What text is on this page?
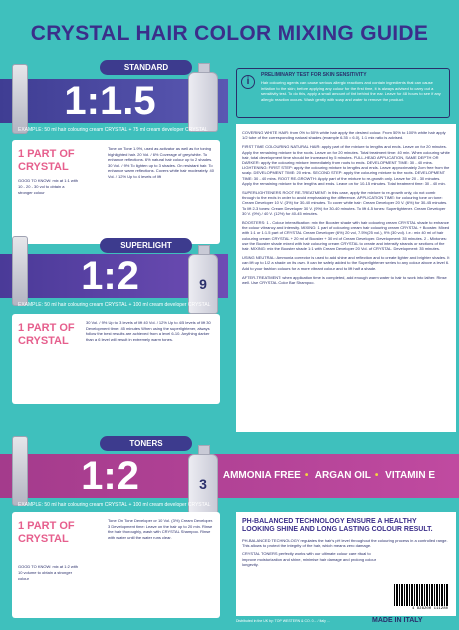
CRYSTAL HAIR COLOR MIXING GUIDE
STANDARD
1:1.5
EXAMPLE: 50 ml hair colouring cream CRYSTAL + 75 ml cream developer CRYSTAL
1 PART OF CRYSTAL
GOOD TO KNOW: mix at 1:1 with 10 - 20 - 30 vol to obtain a stronger colour
Tone on Tone 1.9%, used as activator as well as for toning highlighted hair. 20 Vol. / 6% Coverage of grey/white. To enhance reflections. 6% natural hair colour up to 2 shades. 30 Vol. / 9% To lighten up to 3 shades. On resistant hair. To enhance warm reflections. Covers white hair moderately. 40 Vol. / 12% Up to 4 levels of lift
SUPERLIGHT
1:2	9
EXAMPLE: 50 ml hair colouring cream CRYSTAL + 100 ml cream developer CRYSTAL
1 PART OF CRYSTAL
30 Vol. / 9% Up to 3 levels of lift 40 Vol. / 12% Up to 4/5 levels of lift 30 Development time: 45 minutes When using the superlightener, always follow the best results are achieved from a level 6-10. Anything darker than a 6 level will result in extremely warm tones.
TONERS
1:2	AMMONIA FREE • ARGAN OIL • VITAMIN E
3
EXAMPLE: 50 ml hair colouring cream CRYSTAL + 100 ml cream developer CRYSTAL
1 PART OF CRYSTAL
GOOD TO KNOW: mix at 1:2 with 10 volume to obtain a stronger colour
Tone On Tone Developer or 10 Vol. (3%) Cream Developer. 3 Development time: Leave on the hair up to 20 min. Rinse the hair thoroughly, wash with CRYSTAL Shampoo. Rinse with water until the water runs clear.
i
PRELIMINARY TEST FOR SKIN SENSITIVITY
Hair colouring agents can cause serious allergic reactions and contain ingredients that can cause irritation to the skin; before applying any colour for the first time, it is always advised to carry out a sensitivity test. To do this, apply a small amount of tint behind the ear. Leave for 48 hours to see if any allergic reaction occurs. Wash gently with soap and water to remove the product.

COVERING WHITE HAIR: from 0% to 50% white hair apply the desired colour. From 50% to 100% white hair apply 1/2 tube of the corresponding natural shades (example 6.35 = 6.0), 1:1 mix ratio is advised.

FIRST TIME COLOURING NATURAL HAIR: apply part of the mixture to lengths and ends. Leave on for 20 minutes. Apply the remaining mixture to the roots. Leave on for 20 minutes. Total treatment time: 40 min. When colouring white hair, total development time should be increased by 5 minutes. FULL-HEAD APPLICATION, SAME DEPTH OR DARKER: apply the colouring mixture immediately from roots to ends. DEVELOPMENT TIME: 30 - 40 mins. LIGHTENING: FIRST STEP: apply the colouring mixture to lengths and ends. Leave approximately 2cm free from the scalp. DEVELOPMENT TIME: 20 mins. SECOND STEP: apply the colouring mixture to the roots. DEVELOPMENT TIME: 30 - 40 mins. ROOT RE-GROWTH: Apply part of the mixture to re-growth only. Leave for 20 - 30 minutes. Apply the remaining mixture to the lengths and ends. Leave on for 10-15 minutes. Total treatment time: 30 - 40 min.

SUPERLIGHTENERS ROOT RE-TREATMENT: in this case, apply the mixture to re-growth only, do not comb through to the ends in order to avoid emphasizing the difference. APPLICATION TIME: for colouring tone on tone: Cream Developer 10 V. (3%) for 30-40 minutes. To cover white hair: Cream Developer 20 V. (6%) for 30-45 minutes. To lift 2-3 tones: Cream Developer 30 V. (9%) for 30-40 minutes. To lift 4-5 tones: Superlightener. Cream Developer 30 V. (9%) / 40 V. (12%) for 40-45 minutes.

BOOSTERS: 1 - Colour intensification: mix the Booster shade with hair colouring cream CRYSTAL shade to enhance the colour vibrancy and intensity. MIXING: 1 part of colouring cream hair colouring cream CRYSTAL + Booster. Mixed with 1:1 or 1:1.5 part of CRYSTAL Cream Developer (6%) 20 vol, 7.5%(25 vol.), 9% (30 vol). I.e.: mix 40 ml of hair colouring cream CRYSTAL + 20 ml of Booster + 30 ml of Cream Developer. Development: 35 minutes. 2 - Mixtones: use the Booster shade mixed with hair colouring cream CRYSTAL to create and intensify strands or sections of the hair. MIXING: mix the Booster shade 1:1 with Cream Developer 20 Vol. of CRYSTAL. Development: 35 minutes.

USING NEUTRAL: Ammonia corrector is used to add shine and reflection and to create lighter and brighter shades. It can lift up to 1/2 a shade on its own. It can be safely added to the Superlightener series to any colour above a level 6. Add to your fashion colours for a more vibrant colour and to lift half a shade.

AFTER-TREATMENT: when application time is completed, add enough warm water to hair to work into lather. Rinse well. Use CRYSTAL Color Bar Shampoo.

PH-BALANCED TECHNOLOGY ENSURE A HEALTHY LOOKING SHINE AND LONG LASTING COLOUR RESULT.

PH-BALANCED TECHNOLOGY regulates the hair's pH level throughout the colouring process in a controlled range. This allows to protect the integrity of the hair, which means zero damage.

CRYSTAL TONERS perfectly works with our ultimate colour care ritual to improve moisturization and shine, minimise hair damage and prolong colour longevity.

4 828200 111280
Distributed in the UK by: TOP WESTERN & CO. 0... / Italy ...	MADE IN ITALY
